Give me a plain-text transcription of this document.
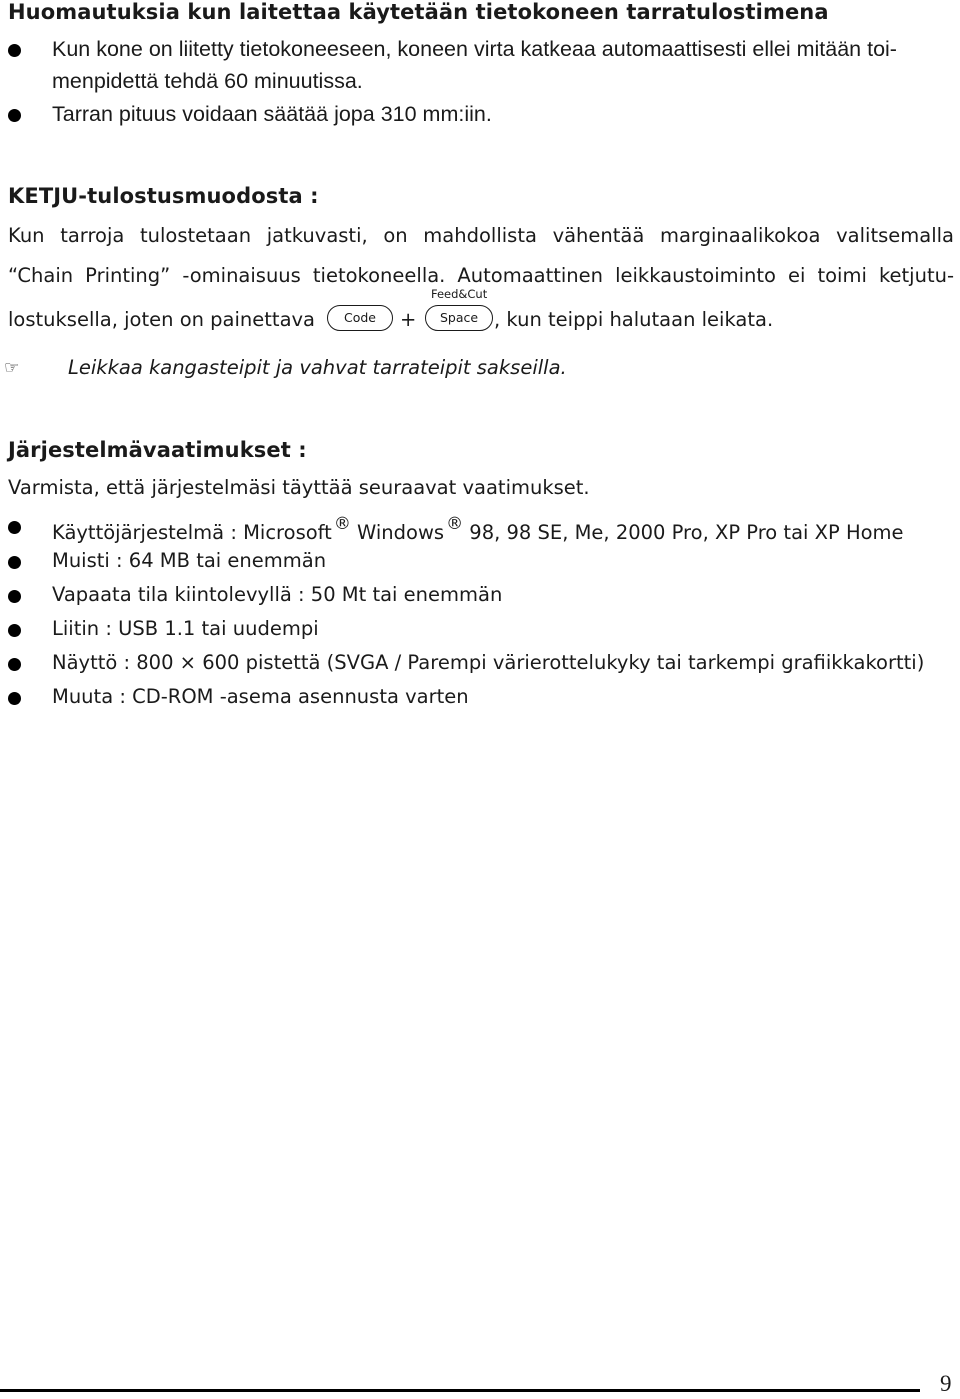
Huomautuksia kun laitettaa käytetään tietokoneen tarratulostimena
Kun kone on liitetty tietokoneeseen, koneen virta katkeaa automaattisesti ellei mitään toi-
menpidettä tehdä 60 minuutissa.
Tarran pituus voidaan säätää jopa 310 mm:iin.
KETJU-tulostusmuodosta :
Kun tarroja tulostetaan jatkuvasti, on mahdollista vähentää marginaalikokoa valitsemalla
“Chain Printing” -ominaisuus tietokoneella. Automaattinen leikkaustoiminto ei toimi ketjutu-
lostuksella, joten on painettava	Code	+
Feed&Cut
Space , kun teippi halutaan leikata.
☞	Leikkaa kangasteipit ja vahvat tarrateipit sakseilla.
Järjestelmävaatimukset :
Varmista, että järjestelmäsi täyttää seuraavat vaatimukset.
Käyttöjärjestelmä : Microsoft ® Windows ® 98, 98 SE, Me, 2000 Pro, XP Pro tai XP Home
Muisti : 64 MB tai enemmän
Vapaata tila kiintolevyllä : 50 Mt tai enemmän
Liitin : USB 1.1 tai uudempi
Näyttö : 800 × 600 pistettä (SVGA / Parempi värierottelukyky tai tarkempi grafiikkakortti)
Muuta : CD-ROM -asema asennusta varten
9
